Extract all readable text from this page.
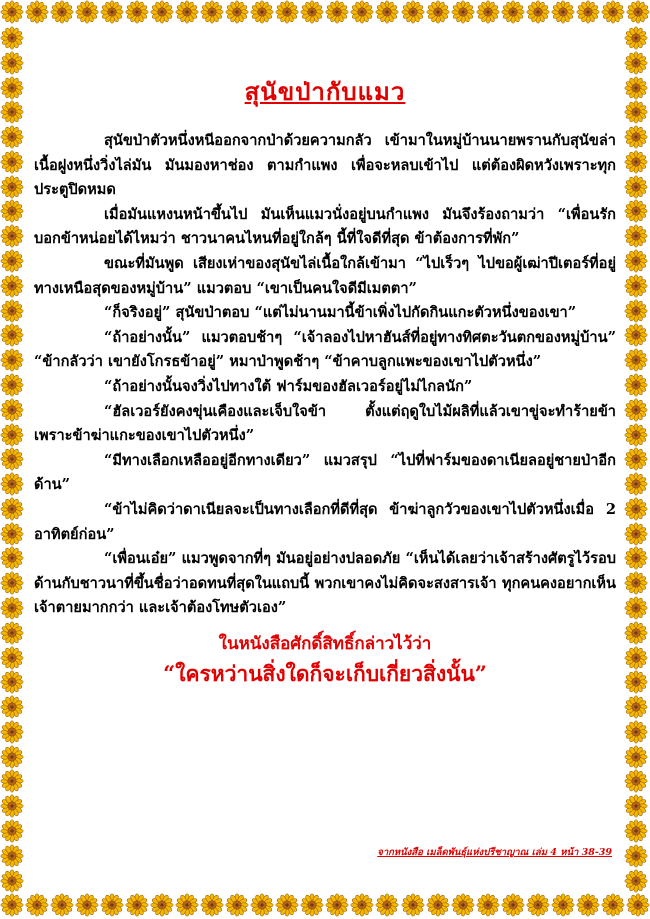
สุนัขป่ากับแมว

สุนัขป่าตัวหนึ่งหนีออกจากป่าด้วยความกลัว เข้ามาในหมู่บ้านนายพรานกับสุนัขล่าเนื้อฝูงหนึ่งวิ่งไล่มัน มันมองหาช่อง ตามกำแพง เพื่อจะหลบเข้าไป แต่ต้องผิดหวังเพราะทุกประตูปิดหมด

เมื่อมันแหงนหน้าขึ้นไป มันเห็นแมวนั่งอยู่บนกำแพง มันจึงร้องถามว่า “เพื่อนรัก บอกข้าหน่อยได้ไหมว่า ชาวนาคนไหนที่อยู่ใกล้ๆ นี้ที่ใจดีที่สุด ข้าต้องการที่พัก”

ขณะที่มันพูด เสียงเห่าของสุนัขไล่เนื้อใกล้เข้ามา “ไปเร็วๆ ไปขอผู้เฒ่าปีเตอร์ที่อยู่ทางเหนือสุดของหมู่บ้าน” แมวตอบ “เขาเป็นคนใจดีมีเมตตา”

“ก็จริงอยู่” สุนัขป่าตอบ “แต่ไม่นานมานี้ข้าเพิ่งไปกัดกินแกะตัวหนึ่งของเขา”

“ถ้าอย่างนั้น” แมวตอบช้าๆ “เจ้าลองไปหาฮันส์ที่อยู่ทางทิศตะวันตกของหมู่บ้าน” “ข้ากลัวว่า เขายังโกรธข้าอยู่” หมาป่าพูดช้าๆ “ข้าคาบลูกแพะของเขาไปตัวหนึ่ง”

“ถ้าอย่างนั้นจงวิ่งไปทางใต้ ฟาร์มของฮัลเวอร์อยู่ไม่ไกลนัก”

“ฮัลเวอร์ยังคงขุ่นเคืองและเจ็บใจข้า ตั้งแต่ฤดูใบไม้ผลิที่แล้วเขาขู่จะทำร้ายข้า เพราะข้าฆ่าแกะของเขาไปตัวหนึ่ง”

“มีทางเลือกเหลืออยู่อีกทางเดียว” แมวสรุป “ไปที่ฟาร์มของดาเนียลอยู่ชายป่าอีกด้าน”

“ข้าไม่คิดว่าดาเนียลจะเป็นทางเลือกที่ดีที่สุด ข้าฆ่าลูกวัวของเขาไปตัวหนึ่งเมื่อ 2 อาทิตย์ก่อน”

“เพื่อนเอ๋ย” แมวพูดจากที่ๆ มันอยู่อย่างปลอดภัย “เห็นได้เลยว่าเจ้าสร้างศัตรูไว้รอบด้านกับชาวนาที่ขึ้นชื่อว่าอดทนที่สุดในแถบนี้ พวกเขาคงไม่คิดจะสงสารเจ้า ทุกคนคงอยากเห็นเจ้าตายมากกว่า และเจ้าต้องโทษตัวเอง”

ในหนังสือศักดิ์สิทธิ์กล่าวไว้ว่า
“ใครหว่านสิ่งใดก็จะเก็บเกี่ยวสิ่งนั้น”
จากหนังสือ เมล็ดพันธุ์แห่งปรีชาญาณ เล่ม 4 หน้า 38-39
